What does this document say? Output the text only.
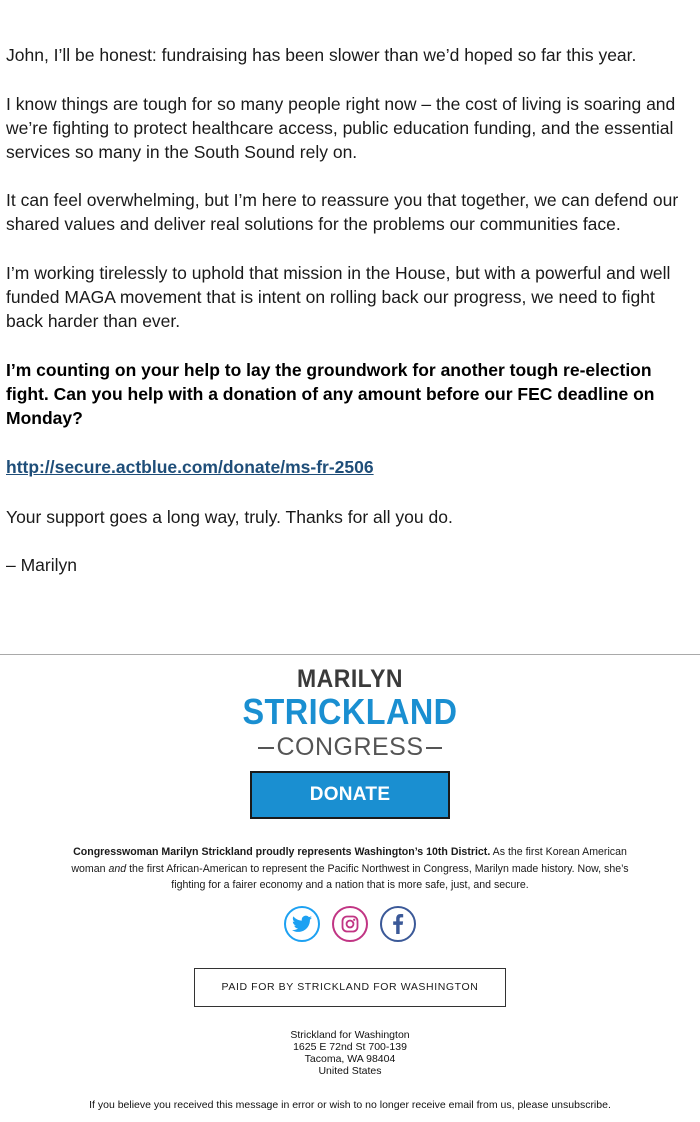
John, I’ll be honest: fundraising has been slower than we’d hoped so far this year.

I know things are tough for so many people right now – the cost of living is soaring and we’re fighting to protect healthcare access, public education funding, and the essential services so many in the South Sound rely on.

It can feel overwhelming, but I’m here to reassure you that together, we can defend our shared values and deliver real solutions for the problems our communities face.

I’m working tirelessly to uphold that mission in the House, but with a powerful and well funded MAGA movement that is intent on rolling back our progress, we need to fight back harder than ever.

I’m counting on your help to lay the groundwork for another tough re-election fight. Can you help with a donation of any amount before our FEC deadline on Monday?

http://secure.actblue.com/donate/ms-fr-2506

Your support goes a long way, truly. Thanks for all you do.

– Marilyn

MARILYN
STRICKLAND
CONGRESS
DONATE
Congresswoman Marilyn Strickland proudly represents Washington’s 10th District. As the first Korean American woman and the first African-American to represent the Pacific Northwest in Congress, Marilyn made history. Now, she’s fighting for a fairer economy and a nation that is more safe, just, and secure.

PAID FOR BY STRICKLAND FOR WASHINGTON
Strickland for Washington
1625 E 72nd St 700-139
Tacoma, WA 98404
United States
If you believe you received this message in error or wish to no longer receive email from us, please unsubscribe.
